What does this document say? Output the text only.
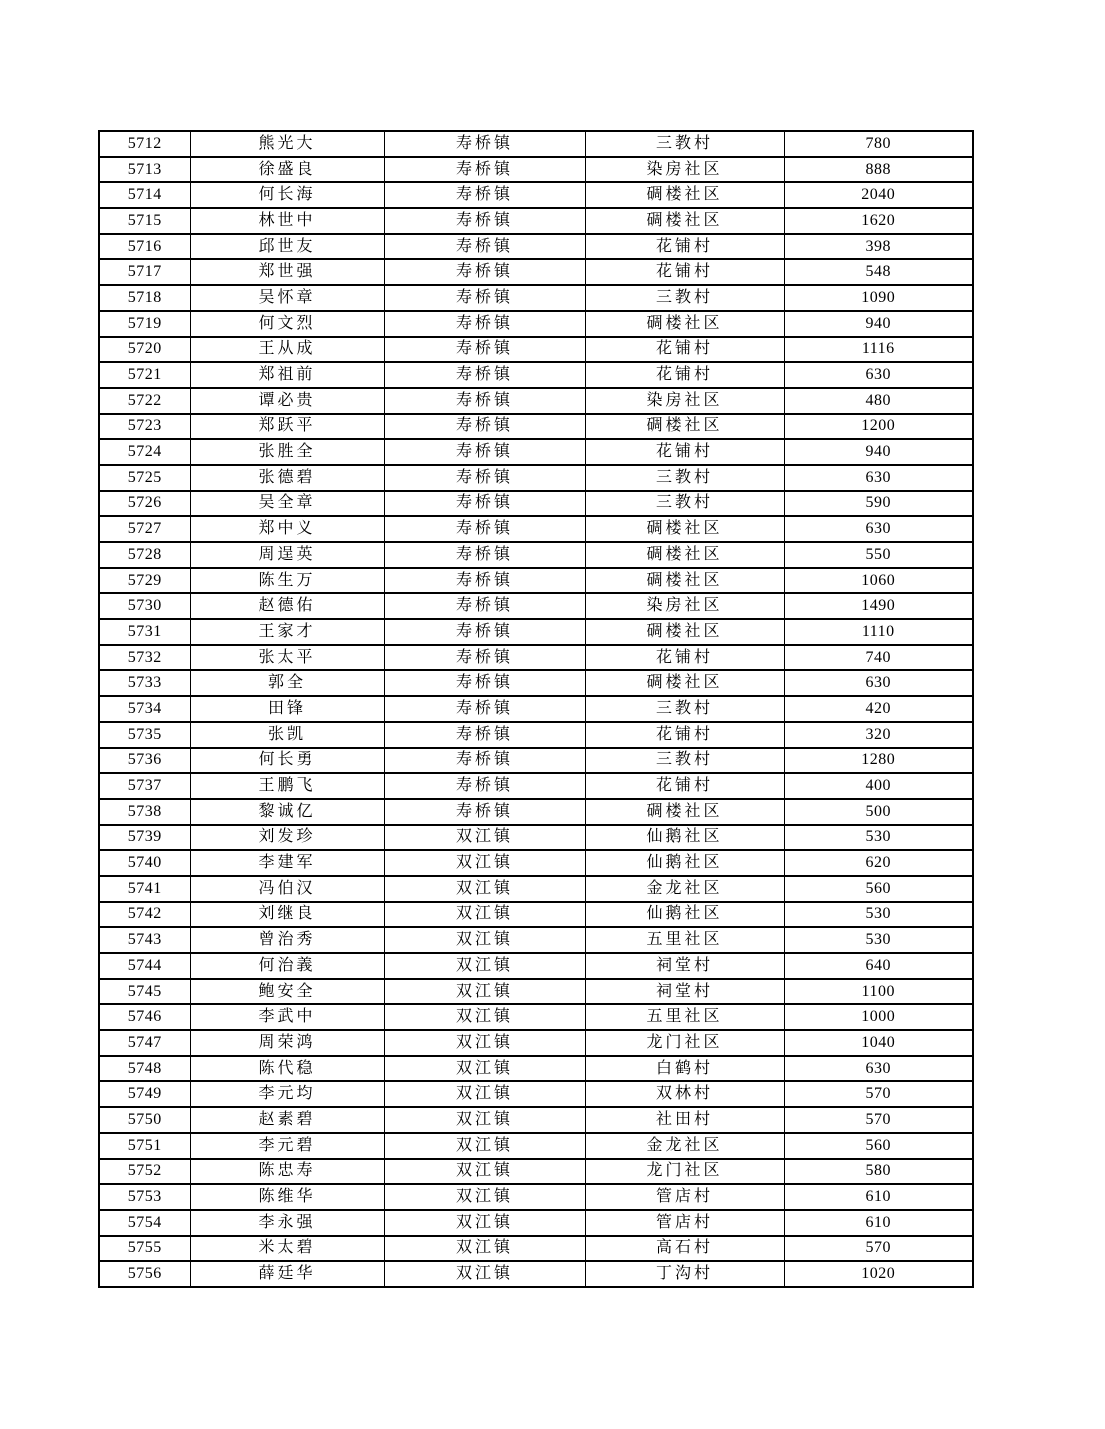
5712	熊光大	寿桥镇	三教村	780
5713	徐盛良	寿桥镇	染房社区	888
5714	何长海	寿桥镇	碉楼社区	2040
5715	林世中	寿桥镇	碉楼社区	1620
5716	邱世友	寿桥镇	花铺村	398
5717	郑世强	寿桥镇	花铺村	548
5718	吴怀章	寿桥镇	三教村	1090
5719	何文烈	寿桥镇	碉楼社区	940
5720	王从成	寿桥镇	花铺村	1116
5721	郑祖前	寿桥镇	花铺村	630
5722	谭必贵	寿桥镇	染房社区	480
5723	郑跃平	寿桥镇	碉楼社区	1200
5724	张胜全	寿桥镇	花铺村	940
5725	张德碧	寿桥镇	三教村	630
5726	吴全章	寿桥镇	三教村	590
5727	郑中义	寿桥镇	碉楼社区	630
5728	周逞英	寿桥镇	碉楼社区	550
5729	陈生万	寿桥镇	碉楼社区	1060
5730	赵德佑	寿桥镇	染房社区	1490
5731	王家才	寿桥镇	碉楼社区	1110
5732	张太平	寿桥镇	花铺村	740
5733	郭全	寿桥镇	碉楼社区	630
5734	田锋	寿桥镇	三教村	420
5735	张凯	寿桥镇	花铺村	320
5736	何长勇	寿桥镇	三教村	1280
5737	王鹏飞	寿桥镇	花铺村	400
5738	黎诚亿	寿桥镇	碉楼社区	500
5739	刘发珍	双江镇	仙鹅社区	530
5740	李建军	双江镇	仙鹅社区	620
5741	冯伯汉	双江镇	金龙社区	560
5742	刘继良	双江镇	仙鹅社区	530
5743	曾治秀	双江镇	五里社区	530
5744	何治義	双江镇	祠堂村	640
5745	鲍安全	双江镇	祠堂村	1100
5746	李武中	双江镇	五里社区	1000
5747	周荣鸿	双江镇	龙门社区	1040
5748	陈代稳	双江镇	白鹤村	630
5749	李元均	双江镇	双林村	570
5750	赵素碧	双江镇	社田村	570
5751	李元碧	双江镇	金龙社区	560
5752	陈忠寿	双江镇	龙门社区	580
5753	陈维华	双江镇	管店村	610
5754	李永强	双江镇	管店村	610
5755	米太碧	双江镇	高石村	570
5756	薛廷华	双江镇	丁沟村	1020
